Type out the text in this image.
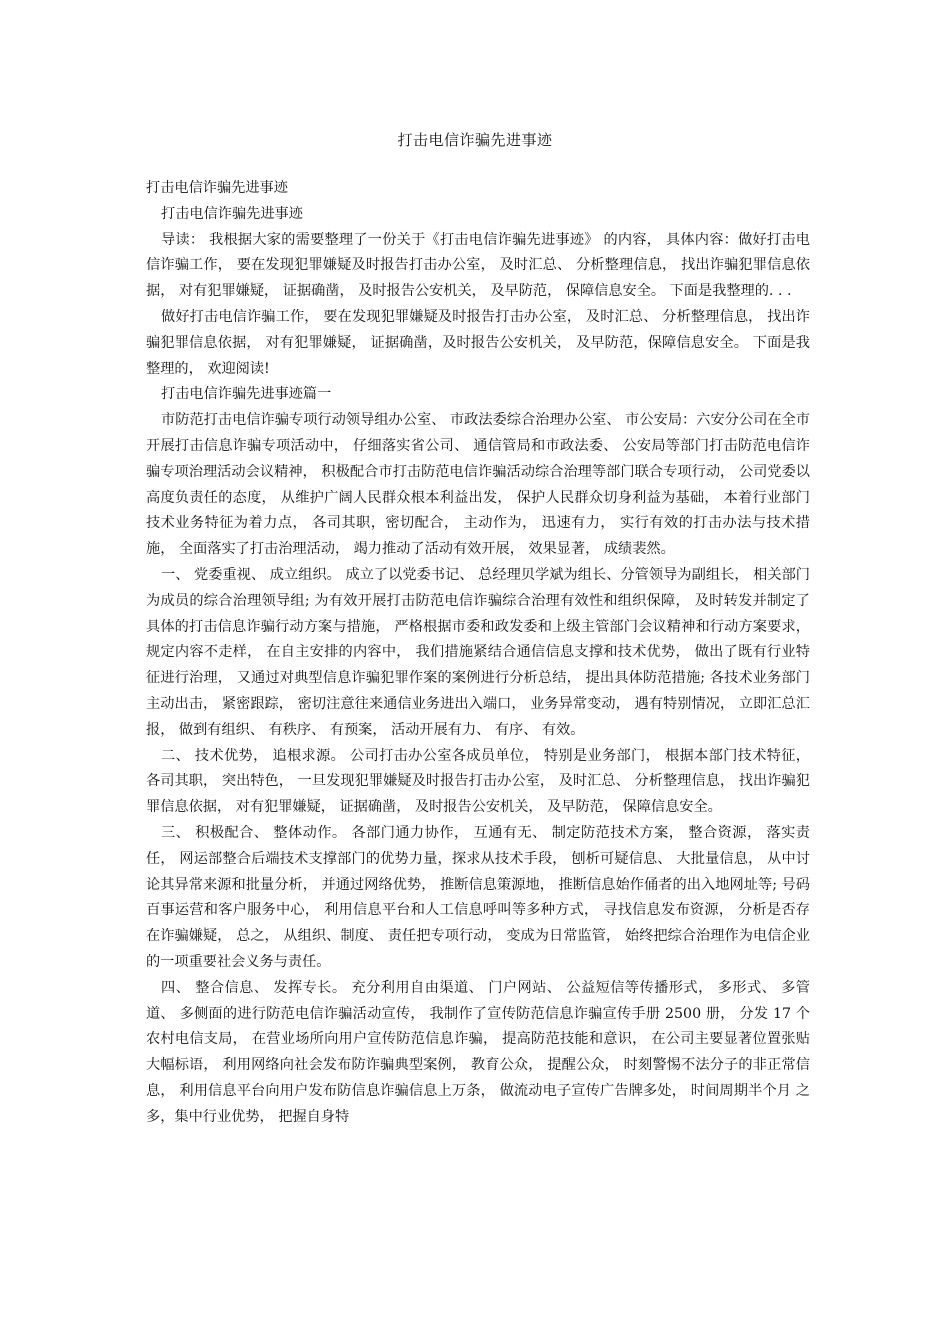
打击电信诈骗先进事迹

打击电信诈骗先进事迹

打击电信诈骗先进事迹

导读： 我根据大家的需要整理了一份关于《打击电信诈骗先进事迹》 的内容， 具体内容：做好打击电信诈骗工作， 要在发现犯罪嫌疑及时报告打击办公室， 及时汇总、 分析整理信息， 找出诈骗犯罪信息依据， 对有犯罪嫌疑， 证据确凿， 及时报告公安机关， 及早防范， 保障信息安全。 下面是我整理的. . .

做好打击电信诈骗工作， 要在发现犯罪嫌疑及时报告打击办公室， 及时汇总、 分析整理信息， 找出诈骗犯罪信息依据， 对有犯罪嫌疑， 证据确凿，及时报告公安机关， 及早防范，保障信息安全。 下面是我整理的， 欢迎阅读!

打击电信诈骗先进事迹篇一

市防范打击电信诈骗专项行动领导组办公室、 市政法委综合治理办公室、 市公安局：六安分公司在全市开展打击信息诈骗专项活动中， 仔细落实省公司、 通信管局和市政法委、 公安局等部门打击防范电信诈骗专项治理活动会议精神， 积极配合市打击防范电信诈骗活动综合治理等部门联合专项行动， 公司党委以高度负责任的态度， 从维护广阔人民群众根本利益出发， 保护人民群众切身利益为基础， 本着行业部门技术业务特征为着力点， 各司其职，密切配合， 主动作为， 迅速有力， 实行有效的打击办法与技术措施， 全面落实了打击治理活动， 竭力推动了活动有效开展， 效果显著， 成绩裴然。

一、 党委重视、 成立组织。 成立了以党委书记、 总经理贝学斌为组长、分管领导为副组长， 相关部门为成员的综合治理领导组; 为有效开展打击防范电信诈骗综合治理有效性和组织保障， 及时转发并制定了具体的打击信息诈骗行动方案与措施， 严格根据市委和政发委和上级主管部门会议精神和行动方案要求， 规定内容不走样， 在自主安排的内容中， 我们措施紧结合通信信息支撑和技术优势， 做出了既有行业特征进行治理， 又通过对典型信息诈骗犯罪作案的案例进行分析总结， 提出具体防范措施; 各技术业务部门主动出击， 紧密跟踪， 密切注意往来通信业务进出入端口， 业务异常变动， 遇有特别情况， 立即汇总汇报， 做到有组织、 有秩序、 有预案， 活动开展有力、 有序、 有效。

二、 技术优势， 追根求源。 公司打击办公室各成员单位， 特别是业务部门， 根据本部门技术特征， 各司其职， 突出特色， 一旦发现犯罪嫌疑及时报告打击办公室， 及时汇总、 分析整理信息， 找出诈骗犯罪信息依据， 对有犯罪嫌疑， 证据确凿， 及时报告公安机关， 及早防范， 保障信息安全。

三、 积极配合、 整体动作。 各部门通力协作， 互通有无、 制定防范技术方案， 整合资源， 落实责任， 网运部整合后端技术支撑部门的优势力量，探求从技术手段， 刨析可疑信息、 大批量信息， 从中讨论其异常来源和批量分析， 并通过网络优势， 推断信息策源地， 推断信息始作俑者的出入地网址等; 号码百事运营和客户服务中心， 利用信息平台和人工信息呼叫等多种方式， 寻找信息发布资源， 分析是否存在诈骗嫌疑， 总之， 从组织、制度、 责任把专项行动， 变成为日常监管， 始终把综合治理作为电信企业的一项重要社会义务与责任。

四、 整合信息、 发挥专长。 充分利用自由渠道、 门户网站、 公益短信等传播形式， 多形式、 多管道、 多侧面的进行防范电信诈骗活动宣传， 我制作了宣传防范信息诈骗宣传手册 2500 册， 分发 17 个农村电信支局， 在营业场所向用户宣传防范信息诈骗， 提高防范技能和意识， 在公司主要显著位置张贴大幅标语， 利用网络向社会发布防诈骗典型案例， 教育公众， 提醒公众， 时刻警惕不法分子的非正常信息， 利用信息平台向用户发布防信息诈骗信息上万条， 做流动电子宣传广告牌多处， 时间周期半个月 之多，集中行业优势， 把握自身特
